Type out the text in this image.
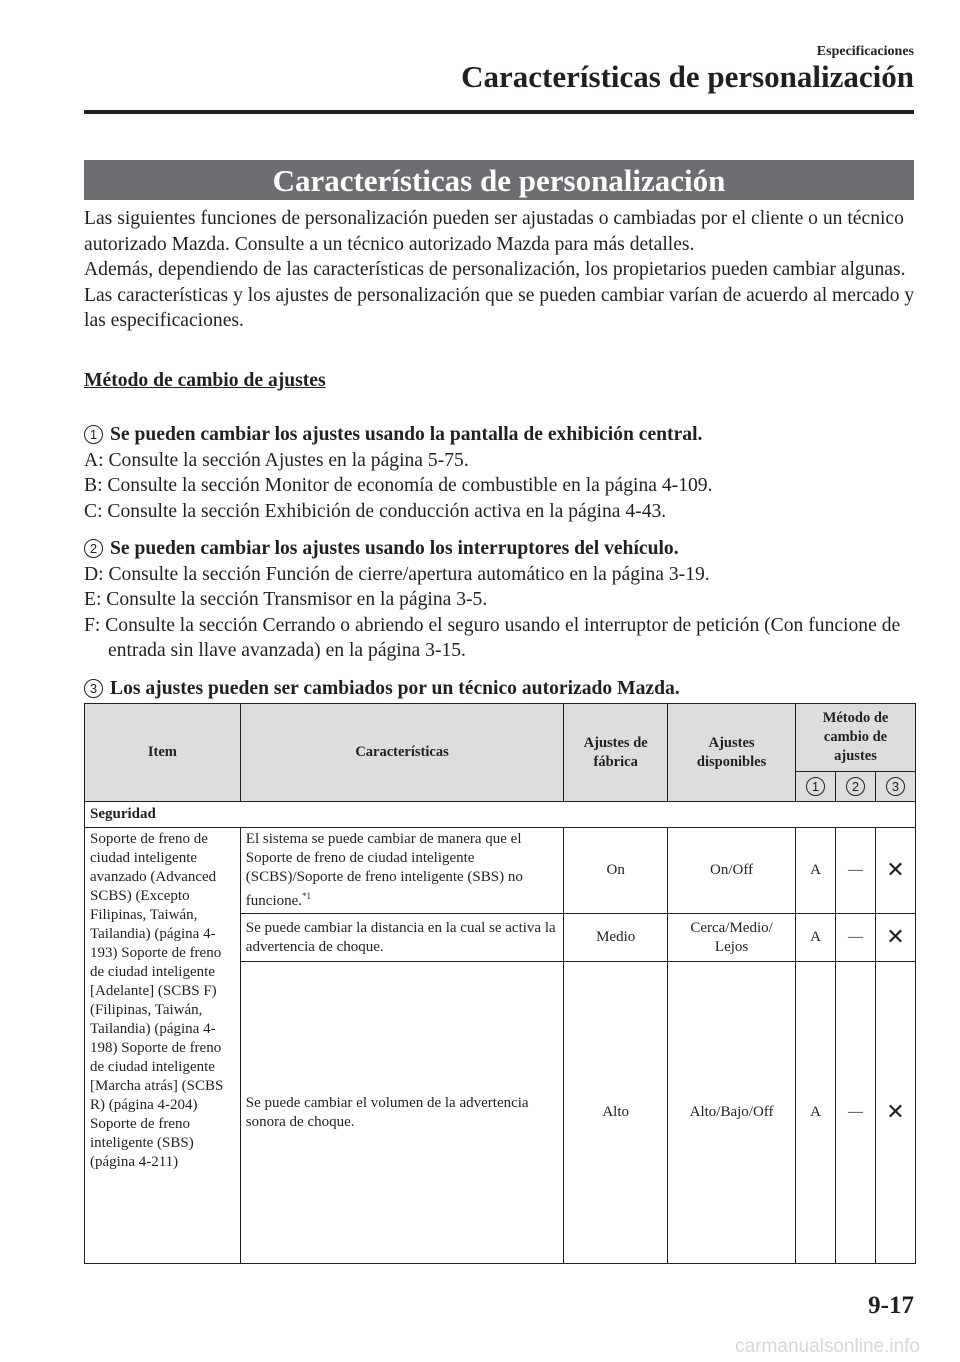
Especificaciones
Características de personalización
Características de personalización

Las siguientes funciones de personalización pueden ser ajustadas o cambiadas por el cliente o un técnico autorizado Mazda. Consulte a un técnico autorizado Mazda para más detalles.

Además, dependiendo de las características de personalización, los propietarios pueden cambiar algunas.

Las características y los ajustes de personalización que se pueden cambiar varían de acuerdo al mercado y las especificaciones.

Método de cambio de ajustes
1 Se pueden cambiar los ajustes usando la pantalla de exhibición central.

A: Consulte la sección Ajustes en la página 5-75.

B: Consulte la sección Monitor de economía de combustible en la página 4-109.

C: Consulte la sección Exhibición de conducción activa en la página 4-43.

2 Se pueden cambiar los ajustes usando los interruptores del vehículo.

D: Consulte la sección Función de cierre/apertura automático en la página 3-19.

E: Consulte la sección Transmisor en la página 3-5.

F: Consulte la sección Cerrando o abriendo el seguro usando el interruptor de petición (Con funcione de entrada sin llave avanzada) en la página 3-15.

3 Los ajustes pueden ser cambiados por un técnico autorizado Mazda.
Item	Características	Ajustes de fábrica	Ajustes disponibles	Método de cambio de ajustes		
				1	2	3
Seguridad						
Soporte de freno de ciudad inteligente avanzado (Advanced SCBS) (Excepto Filipinas, Taiwán, Tailandia) (página 4-193) Soporte de freno de ciudad inteligente [Adelante] (SCBS F) (Filipinas, Taiwán, Tailandia) (página 4-198) Soporte de freno de ciudad inteligente [Marcha atrás] (SCBS R) (página 4-204) Soporte de freno inteligente (SBS) (página 4-211)	El sistema se puede cambiar de manera que el Soporte de freno de ciudad inteligente (SCBS)/Soporte de freno inteligente (SBS) no funcione.$^{*1}$	On	On/Off	A	—	✕
	Se puede cambiar la distancia en la cual se activa la advertencia de choque.	Medio	Cerca/Medio/ Lejos	A	—	✕
	Se puede cambiar el volumen de la advertencia sonora de choque.	Alto	Alto/Bajo/Off	A	—	✕
9-17
carmanualsonline.info
